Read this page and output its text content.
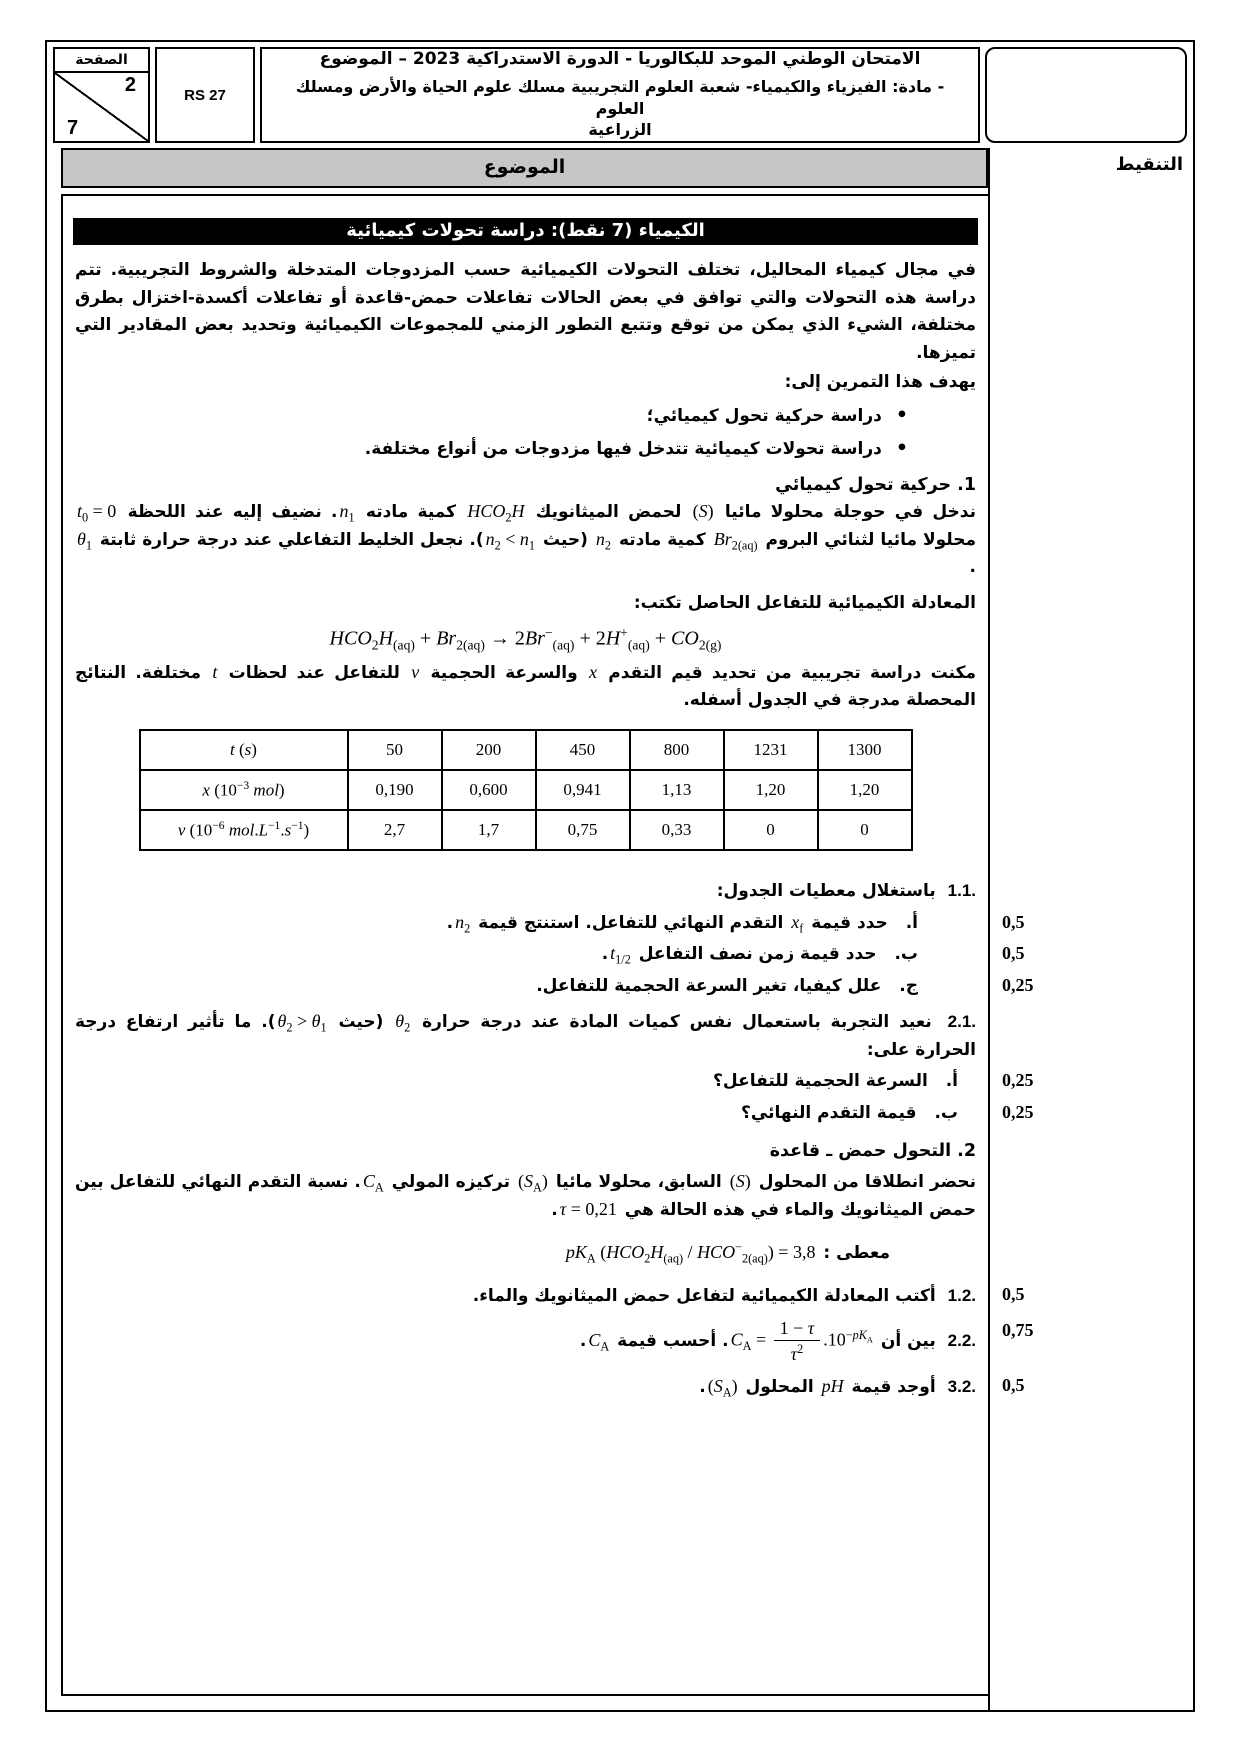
الامتحان الوطني الموحد للبكالوريا - الدورة الاستدراكية 2023 – الموضوع
- مادة: الفيزياء والكيمياء- شعبة العلوم التجريبية مسلك علوم الحياة والأرض ومسلك العلوم
الزراعية
RS 27
الصفحة
2
7
التنقيط
الموضوع
0,5
0,5
0,25
0,25
0,25
0,5
0,75
0,5
الكيمياء (7 نقط): دراسة تحولات كيميائية

في مجال كيمياء المحاليل، تختلف التحولات الكيميائية حسب المزدوجات المتدخلة والشروط التجريبية. تتم دراسة هذه التحولات والتي توافق في بعض الحالات تفاعلات حمض-قاعدة أو تفاعلات أكسدة-اختزال بطرق مختلفة، الشيء الذي يمكن من توقع وتتبع التطور الزمني للمجموعات الكيميائية وتحديد بعض المقادير التي تميزها.

يهدف هذا التمرين إلى:

•
دراسة حركية تحول كيميائي؛
•
دراسة تحولات كيميائية تتدخل فيها مزدوجات من أنواع مختلفة.

1. حركية تحول كيميائي

ندخل في حوجلة محلولا مائيا (S) لحمض الميثانويك $HCO_2H$ كمية مادته $n_1$. نضيف إليه عند اللحظة $t_0 = 0$ محلولا مائيا لثنائي البروم $Br_{2(aq)}$ كمية مادته $n_2$ (حيث $n_2 < n_1$). نجعل الخليط التفاعلي عند درجة حرارة ثابتة $\theta_1$.

المعادلة الكيميائية للتفاعل الحاصل تكتب:

$HCO_2H_{(aq)} + Br_{2(aq)} \to 2Br^-_{(aq)} + 2H^+_{(aq)} + CO_{2(g)}$

مكنت دراسة تجريبية من تحديد قيم التقدم x والسرعة الحجمية v للتفاعل عند لحظات t مختلفة. النتائج المحصلة مدرجة في الجدول أسفله.

t (s)	50	200	450	800	1231	1300
x ($10^{-3}$ mol)	0,190	0,600	0,941	1,13	1,20	1,20
v ($10^{-6}$ $mol.L^{-1}.s^{-1}$)	2,7	1,7	0,75	0,33	0	0

1.1. باستغلال معطيات الجدول:

أ. حدد قيمة $x_f$ التقدم النهائي للتفاعل. استنتج قيمة $n_2$.

ب. حدد قيمة زمن نصف التفاعل $t_{1/2}$.

ج. علل كيفيا، تغير السرعة الحجمية للتفاعل.

2.1. نعيد التجربة باستعمال نفس كميات المادة عند درجة حرارة $\theta_2$ (حيث $\theta_2 > \theta_1$). ما تأثير ارتفاع درجة الحرارة على:

أ. السرعة الحجمية للتفاعل؟

ب. قيمة التقدم النهائي؟

2. التحول حمض ـ قاعدة

نحضر انطلاقا من المحلول (S) السابق، محلولا مائيا $(S_A)$ تركيزه المولي $C_A$. نسبة التقدم النهائي للتفاعل بين حمض الميثانويك والماء في هذه الحالة هي τ = 0,21.

معطى : $pK_A$ $(HCO_2H_{(aq)} / HCO^-_{2(aq)}) = 3,8$

1.2. أكتب المعادلة الكيميائية لتفاعل حمض الميثانويك والماء.

2.2. بين أن $C_A = \frac{1 - \tau}{\tau^2} .10^{-pK_A}$. أحسب قيمة $C_A$.

3.2. أوجد قيمة pH المحلول $(S_A)$.
